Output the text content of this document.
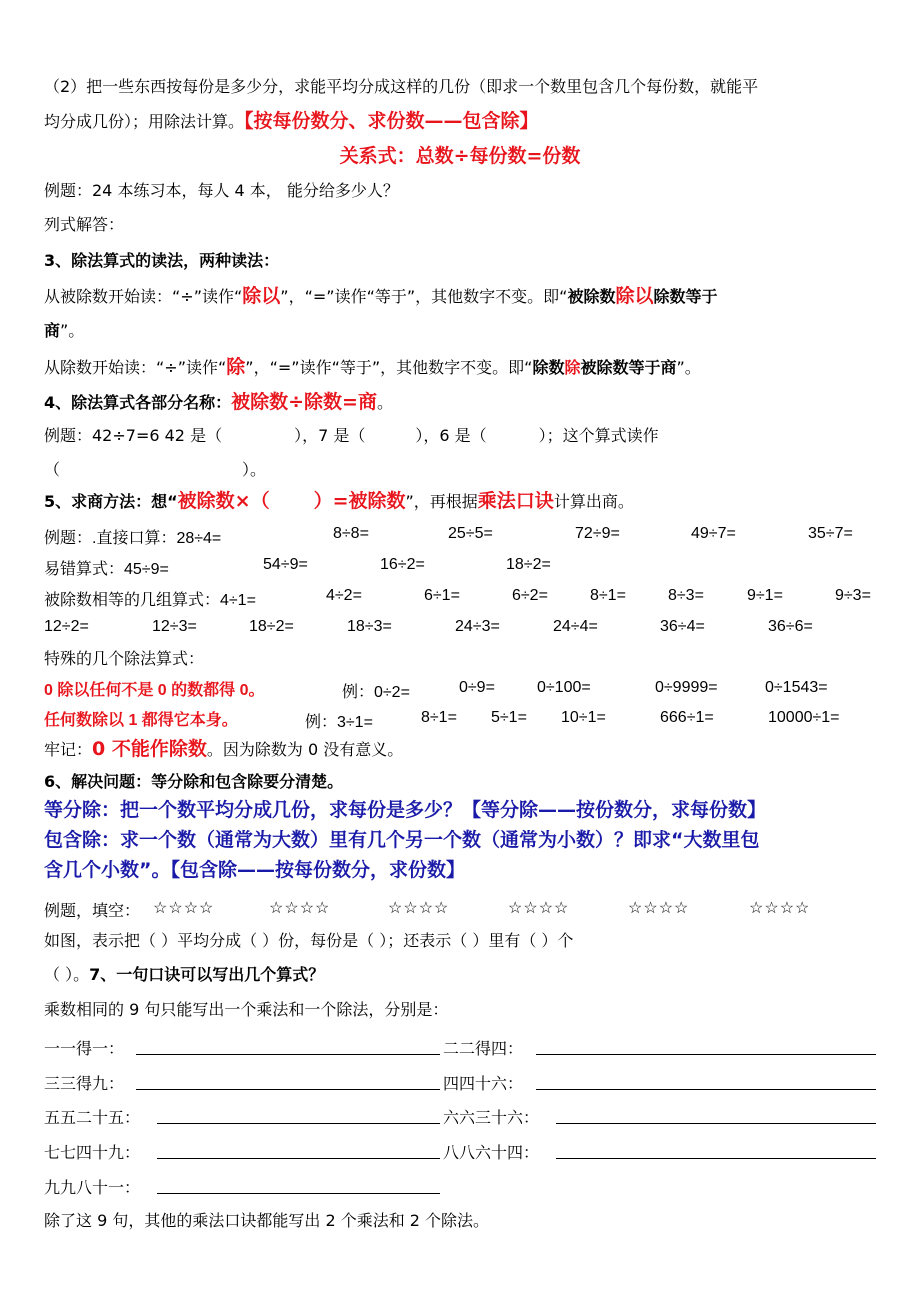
（2）把一些东西按每份是多少分，求能平均分成这样的几份（即求一个数里包含几个每份数，就能平
均分成几份）；用除法计算。【按每份数分、求份数——包含除】
关系式：总数÷每份数=份数
例题：24 本练习本，每人 4 本， 能分给多少人？
列式解答：
3、除法算式的读法，两种读法：
从被除数开始读：“÷”读作“除以”，“=”读作“等于”，其他数字不变。即“被除数除以除数等于
商”。
从除数开始读：“÷”读作“除”，“=”读作“等于”，其他数字不变。即“除数除被除数等于商”。
4、除法算式各部分名称：被除数÷除数=商。
例题：42÷7=6 42 是（	），7 是（	），6 是（	）；这个算式读作
（	）。
5、求商方法：想“被除数×（ ）=被除数”，再根据乘法口诀计算出商。
例题：.直接口算：28÷4=	8÷8=	25÷5=	72÷9=	49÷7=	35÷7=
易错算式：45÷9=	54÷9=	16÷2=	18÷2=
被除数相等的几组算式：4÷1=	4÷2=	6÷1=	6÷2=	8÷1=	8÷3=	9÷1=	9÷3=
12÷2=	12÷3=	18÷2=	18÷3=	24÷3=	24÷4=	36÷4=	36÷6=
特殊的几个除法算式：
0 除以任何不是 0 的数都得 0。	例：0÷2=	0÷9=	0÷100=	0÷9999=	0÷1543=
任何数除以 1 都得它本身。	例：3÷1=	8÷1= 5÷1= 10÷1=	666÷1=	10000÷1=
牢记：0 不能作除数。因为除数为 0 没有意义。
6、解决问题：等分除和包含除要分清楚。
等分除：把一个数平均分成几份，求每份是多少？【等分除——按份数分，求每份数】
包含除：求一个数（通常为大数）里有几个另一个数（通常为小数）？即求“大数里包
含几个小数”。【包含除——按每份数分，求份数】
例题，填空： ☆☆☆☆	☆☆☆☆	☆☆☆☆	☆☆☆☆	☆☆☆☆	☆☆☆☆
如图，表示把（ ）平均分成（ ）份，每份是（ ）；还表示（ ）里有（ ）个
（ ）。7、一句口诀可以写出几个算式？
乘数相同的 9 句只能写出一个乘法和一个除法，分别是：
一一得一：	二二得四：
三三得九：	四四十六：
五五二十五：	六六三十六：
七七四十九：	八八六十四：
九九八十一：
除了这 9 句，其他的乘法口诀都能写出 2 个乘法和 2 个除法。
